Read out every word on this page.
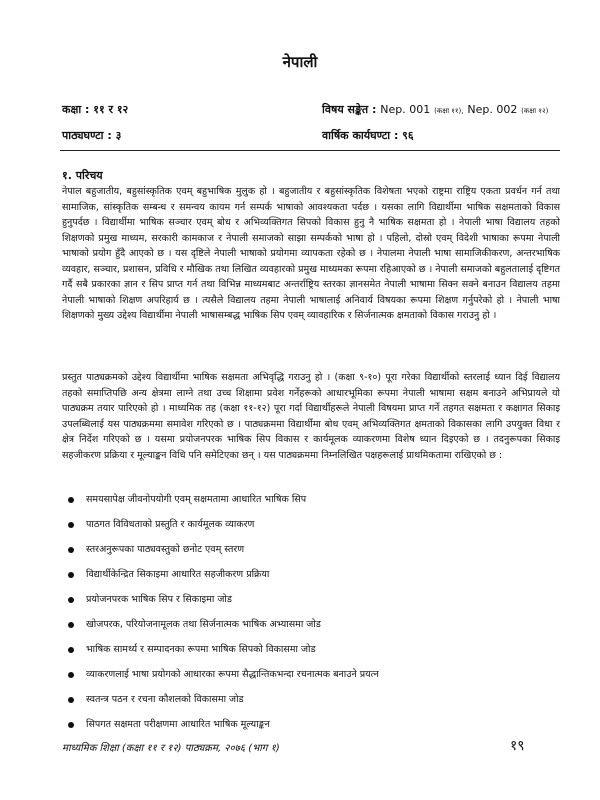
नेपाली
कक्षा : ११ र १२	विषय सङ्केत : Nep. 001 (कक्षा ११), Nep. 002 (कक्षा १२)
पाठ्यघण्टा : ३	वार्षिक कार्यघण्टा : ९६
१. परिचय

नेपाल बहुजातीय, बहुसांस्कृतिक एवम् बहुभाषिक मुलुक हो । बहुजातीय र बहुसांस्कृतिक विशेषता भएको राष्ट्रमा राष्ट्रिय एकता प्रवर्धन गर्न तथा सामाजिक, सांस्कृतिक सम्बन्ध र समन्वय कायम गर्न सम्पर्क भाषाको आवश्यकता पर्दछ । यसका लागि विद्यार्थीमा भाषिक सक्षमताको विकास हुनुपर्दछ । विद्यार्थीमा भाषिक सञ्चार एवम् बोध र अभिव्यक्तिगत सिपको विकास हुनु नै भाषिक सक्षमता हो । नेपाली भाषा विद्यालय तहको शिक्षणको प्रमुख माध्यम, सरकारी कामकाज र नेपाली समाजको साझा सम्पर्कको भाषा हो । पहिलो, दोस्रो एवम् विदेशी भाषाका रूपमा नेपाली भाषाको प्रयोग हुँदै आएको छ । यस दृष्टिले नेपाली भाषाको प्रयोगमा व्यापकता रहेको छ । नेपालमा नेपाली भाषा सामाजिकीकरण, अन्तरभाषिक व्यवहार, सञ्चार, प्रशासन, प्रविधि र मौखिक तथा लिखित व्यवहारको प्रमुख माध्यमका रूपमा रहिआएको छ । नेपाली समाजको बहुलतालाई दृष्टिगत गर्दै सबै प्रकारका ज्ञान र सिप प्राप्त गर्न तथा विभिन्न माध्यमबाट अन्तर्राष्ट्रिय स्तरका ज्ञानसमेत नेपाली भाषामा सिक्न सक्ने बनाउन विद्यालय तहमा नेपाली भाषाको शिक्षण अपरिहार्य छ । त्यसैले विद्यालय तहमा नेपाली भाषालाई अनिवार्य विषयका रूपमा शिक्षण गर्नुपरेको हो । नेपाली भाषा शिक्षणको मुख्य उद्देश्य विद्यार्थीमा नेपाली भाषासम्बद्ध भाषिक सिप एवम् व्यावहारिक र सिर्जनात्मक क्षमताको विकास गराउनु हो ।

प्रस्तुत पाठ्यक्रमको उद्देश्य विद्यार्थीमा भाषिक सक्षमता अभिवृद्धि गराउनु हो । (कक्षा ९-१०) पूरा गरेका विद्यार्थीको स्तरलाई ध्यान दिई विद्यालय तहको समाप्तिपछि अन्य क्षेत्रमा लाग्ने तथा उच्च शिक्षामा प्रवेश गर्नेहरूको आधारभूमिका रूपमा नेपाली भाषामा सक्षम बनाउने अभिप्रायले यो पाठ्यक्रम तयार पारिएको हो । माध्यमिक तह (कक्षा ११-१२) पूरा गर्दा विद्यार्थीहरूले नेपाली विषयमा प्राप्त गर्ने तहगत सक्षमता र कक्षागत सिकाइ उपलब्धिलाई यस पाठ्यक्रममा समावेश गरिएको छ । पाठ्यक्रममा विद्यार्थीमा बोध एवम् अभिव्यक्तिगत क्षमताको विकासका लागि उपयुक्त विधा र क्षेत्र निर्देश गरिएको छ । यसमा प्रयोजनपरक भाषिक सिप विकास र कार्यमूलक व्याकरणमा विशेष ध्यान दिइएको छ । तदनुरूपका सिकाइ सहजीकरण प्रक्रिया र मूल्याङ्कन विधि पनि समेटिएका छन् । यस पाठ्यक्रममा निम्नलिखित पक्षहरूलाई प्राथमिकतामा राखिएको छ :

समयसापेक्ष जीवनोपयोगी एवम् सक्षमतामा आधारित भाषिक सिप
पाठगत विविधताको प्रस्तुति र कार्यमूलक व्याकरण
स्तरअनुरूपका पाठ्यवस्तुको छनोट एवम् स्तरण
विद्यार्थीकेन्द्रित सिकाइमा आधारित सहजीकरण प्रक्रिया
प्रयोजनपरक भाषिक सिप र सिकाइमा जोड
खोजपरक, परियोजनामूलक तथा सिर्जनात्मक भाषिक अभ्यासमा जोड
भाषिक सामर्थ्य र सम्पादनका रूपमा भाषिक सिपको विकासमा जोड
व्याकरणलाई भाषा प्रयोगको आधारका रूपमा सैद्धान्तिकभन्दा रचनात्मक बनाउने प्रयत्न
स्वतन्त्र पठन र रचना कौशलको विकासमा जोड
सिपगत सक्षमता परीक्षणमा आधारित भाषिक मूल्याङ्कन
माध्यमिक शिक्षा (कक्षा ११ र १२) पाठ्यक्रम, २०७६ (भाग १)	१९
